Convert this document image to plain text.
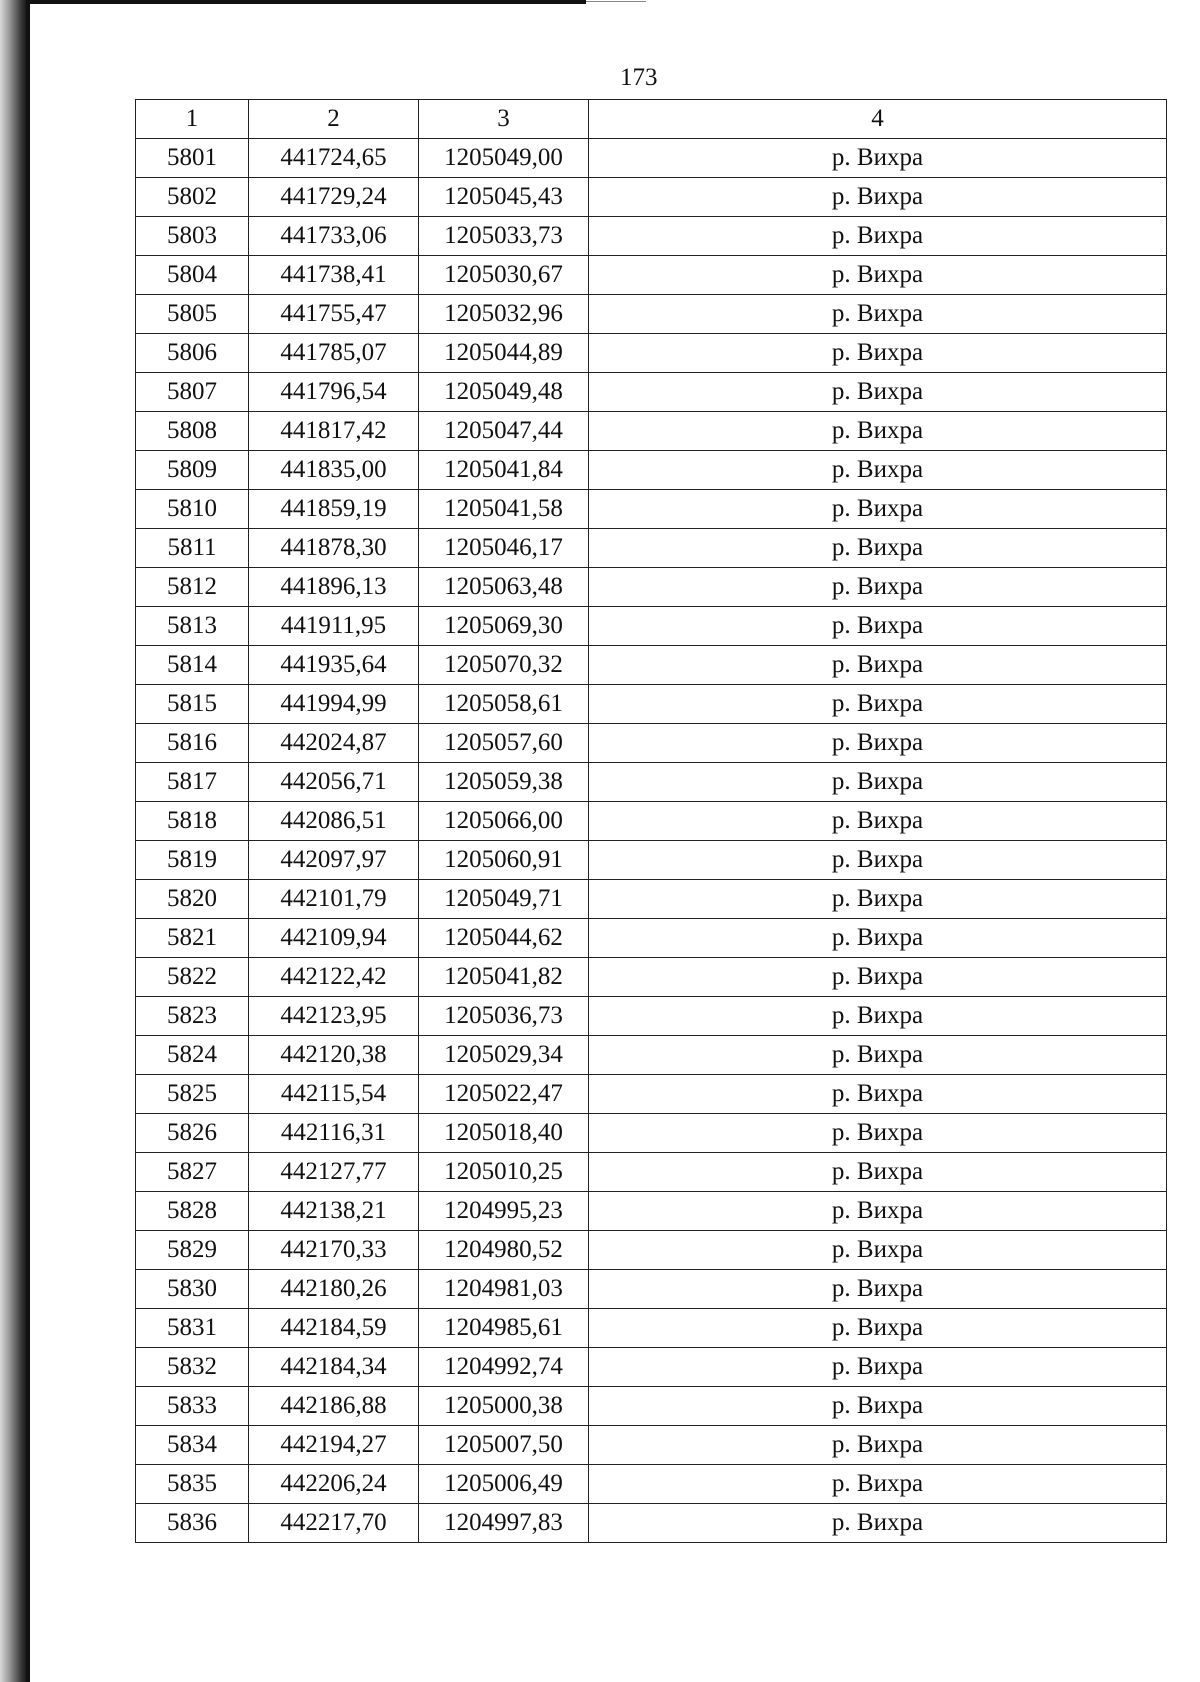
173
1	2	3	4
5801	441724,65	1205049,00	р. Вихра
5802	441729,24	1205045,43	р. Вихра
5803	441733,06	1205033,73	р. Вихра
5804	441738,41	1205030,67	р. Вихра
5805	441755,47	1205032,96	р. Вихра
5806	441785,07	1205044,89	р. Вихра
5807	441796,54	1205049,48	р. Вихра
5808	441817,42	1205047,44	р. Вихра
5809	441835,00	1205041,84	р. Вихра
5810	441859,19	1205041,58	р. Вихра
5811	441878,30	1205046,17	р. Вихра
5812	441896,13	1205063,48	р. Вихра
5813	441911,95	1205069,30	р. Вихра
5814	441935,64	1205070,32	р. Вихра
5815	441994,99	1205058,61	р. Вихра
5816	442024,87	1205057,60	р. Вихра
5817	442056,71	1205059,38	р. Вихра
5818	442086,51	1205066,00	р. Вихра
5819	442097,97	1205060,91	р. Вихра
5820	442101,79	1205049,71	р. Вихра
5821	442109,94	1205044,62	р. Вихра
5822	442122,42	1205041,82	р. Вихра
5823	442123,95	1205036,73	р. Вихра
5824	442120,38	1205029,34	р. Вихра
5825	442115,54	1205022,47	р. Вихра
5826	442116,31	1205018,40	р. Вихра
5827	442127,77	1205010,25	р. Вихра
5828	442138,21	1204995,23	р. Вихра
5829	442170,33	1204980,52	р. Вихра
5830	442180,26	1204981,03	р. Вихра
5831	442184,59	1204985,61	р. Вихра
5832	442184,34	1204992,74	р. Вихра
5833	442186,88	1205000,38	р. Вихра
5834	442194,27	1205007,50	р. Вихра
5835	442206,24	1205006,49	р. Вихра
5836	442217,70	1204997,83	р. Вихра
